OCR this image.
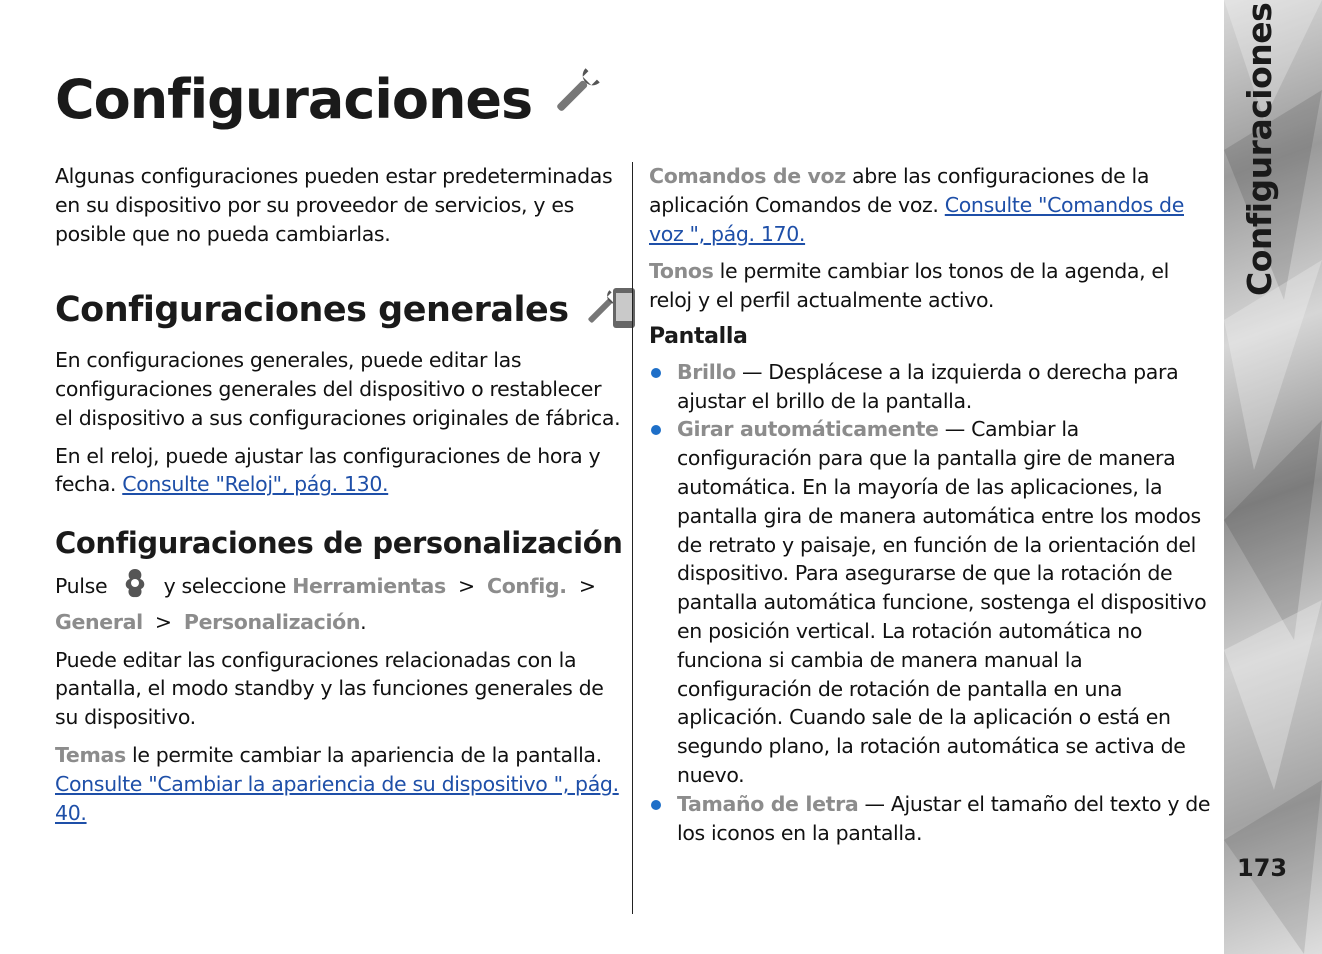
Configuraciones

Algunas configuraciones pueden estar predeterminadas en su dispositivo por su proveedor de servicios, y es posible que no pueda cambiarlas.

Configuraciones generales

En configuraciones generales, puede editar las configuraciones generales del dispositivo o restablecer el dispositivo a sus configuraciones originales de fábrica.

En el reloj, puede ajustar las configuraciones de hora y fecha. Consulte "Reloj", pág. 130.

Configuraciones de personalización

Pulse	y seleccione Herramientas > Config. > General > Personalización.

Puede editar las configuraciones relacionadas con la pantalla, el modo standby y las funciones generales de su dispositivo.

Temas le permite cambiar la apariencia de la pantalla. Consulte "Cambiar la apariencia de su dispositivo ", pág. 40.

Comandos de voz abre las configuraciones de la aplicación Comandos de voz. Consulte "Comandos de voz ", pág. 170.

Tonos le permite cambiar los tonos de la agenda, el reloj y el perfil actualmente activo.

Pantalla
Brillo — Desplácese a la izquierda o derecha para ajustar el brillo de la pantalla.
Girar automáticamente — Cambiar la configuración para que la pantalla gire de manera automática. En la mayoría de las aplicaciones, la pantalla gira de manera automática entre los modos de retrato y paisaje, en función de la orientación del dispositivo. Para asegurarse de que la rotación de pantalla automática funcione, sostenga el dispositivo en posición vertical. La rotación automática no funciona si cambia de manera manual la configuración de rotación de pantalla en una aplicación. Cuando sale de la aplicación o está en segundo plano, la rotación automática se activa de nuevo.
Tamaño de letra — Ajustar el tamaño del texto y de los iconos en la pantalla.
Configuraciones
173
